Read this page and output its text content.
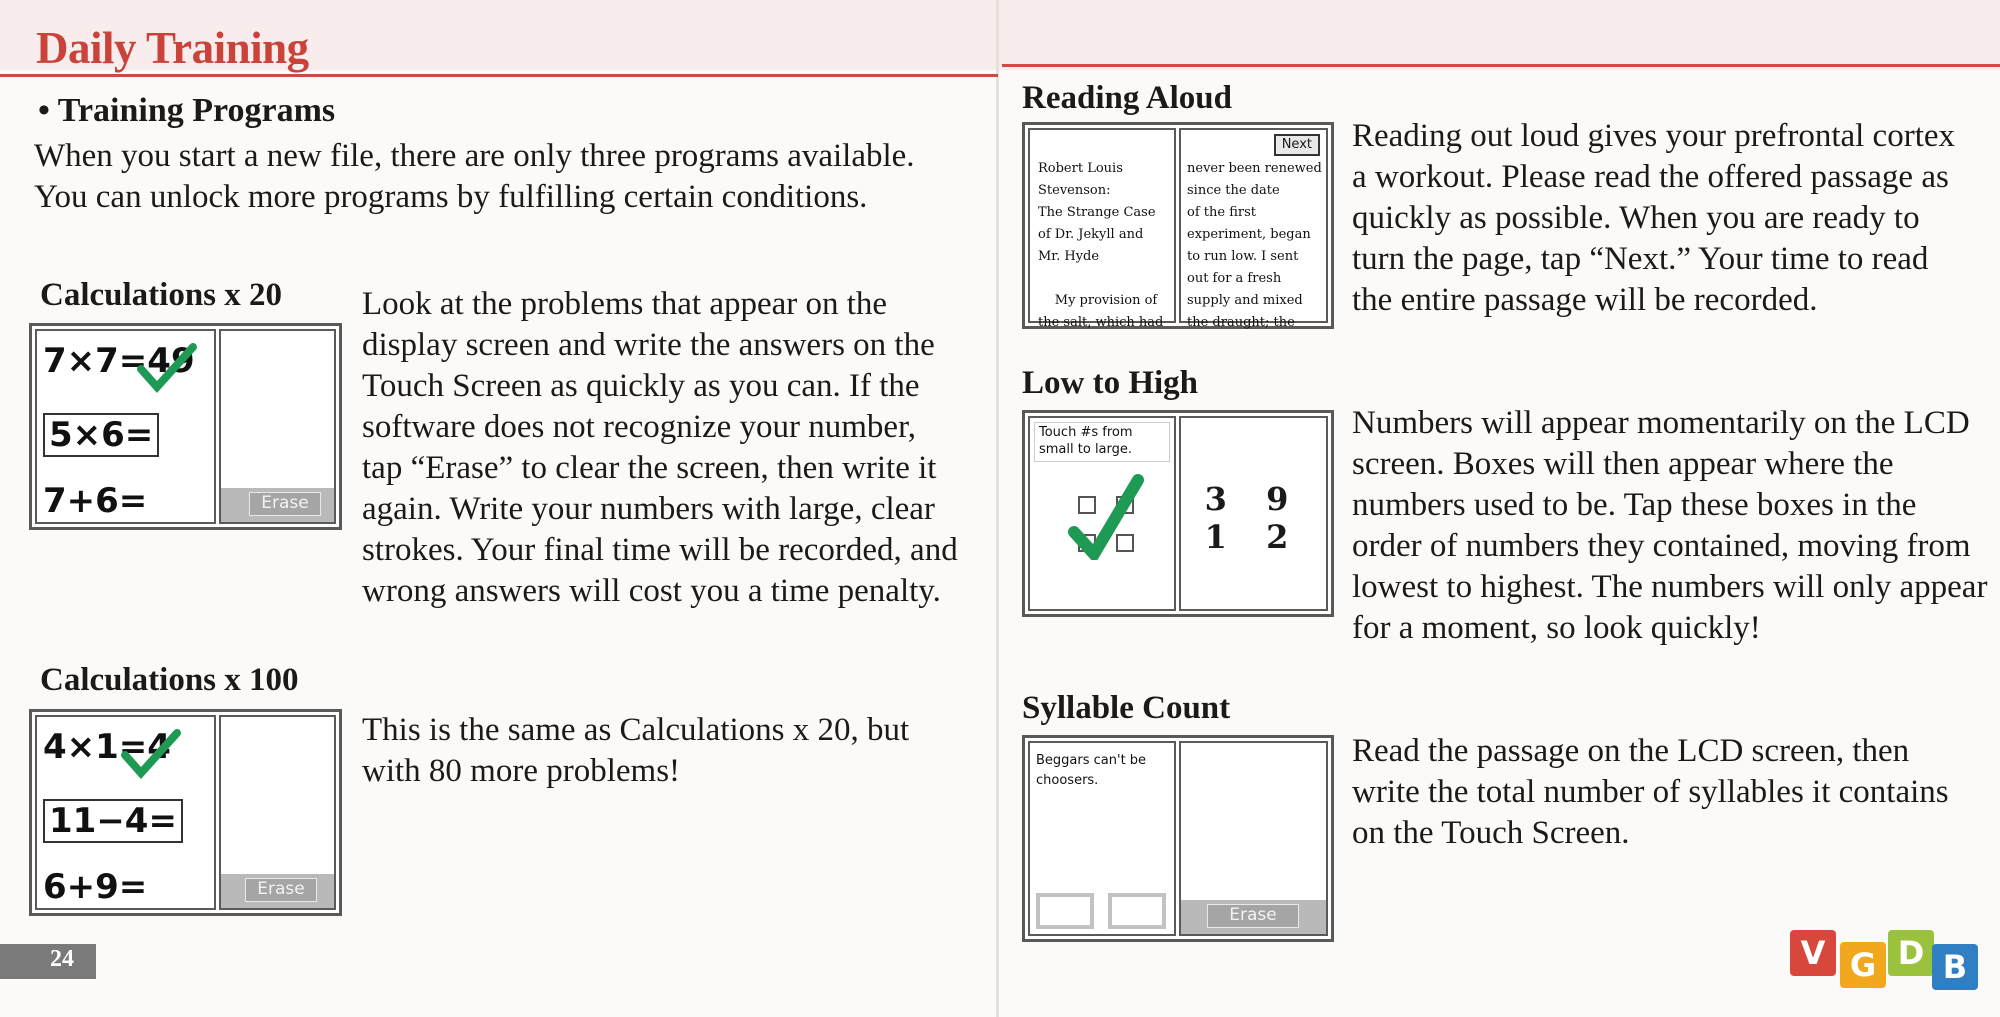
Daily Training
• Training Programs
When you start a new file, there are only three programs available. You can unlock more programs by fulfilling certain conditions.
Calculations x 20
7×7=49
5×6=
7+6=	Erase
Look at the problems that appear on the display screen and write the answers on the Touch Screen as quickly as you can. If the software does not recognize your number, tap “Erase” to clear the screen, then write it again. Write your numbers with large, clear strokes. Your final time will be recorded, and wrong answers will cost you a time penalty.
Calculations x 100
4×1=4
11−4=
6+9=	Erase
This is the same as Calculations x 20, but with 80 more problems!
24
Reading Aloud
Robert Louis
Stevenson:
The Strange Case
of Dr. Jekyll and
Mr. Hyde
My provision of
the salt, which had
Next
never been renewed
since the date
of the first
experiment, began
to run low. I sent
out for a fresh
supply and mixed
the draught; the
Reading out loud gives your prefrontal cortex a workout. Please read the offered passage as quickly as possible. When you are ready to turn the page, tap “Next.” Your time to read the entire passage will be recorded.
Low to High
Touch #s from small to large.
3 9
1 2
Numbers will appear momentarily on the LCD screen. Boxes will then appear where the numbers used to be. Tap these boxes in the order of numbers they contained, moving from lowest to highest. The numbers will only appear for a moment, so look quickly!
Syllable Count
Beggars can't be choosers.
Erase
Read the passage on the LCD screen, then write the total number of syllables it contains on the Touch Screen.
V G D B
